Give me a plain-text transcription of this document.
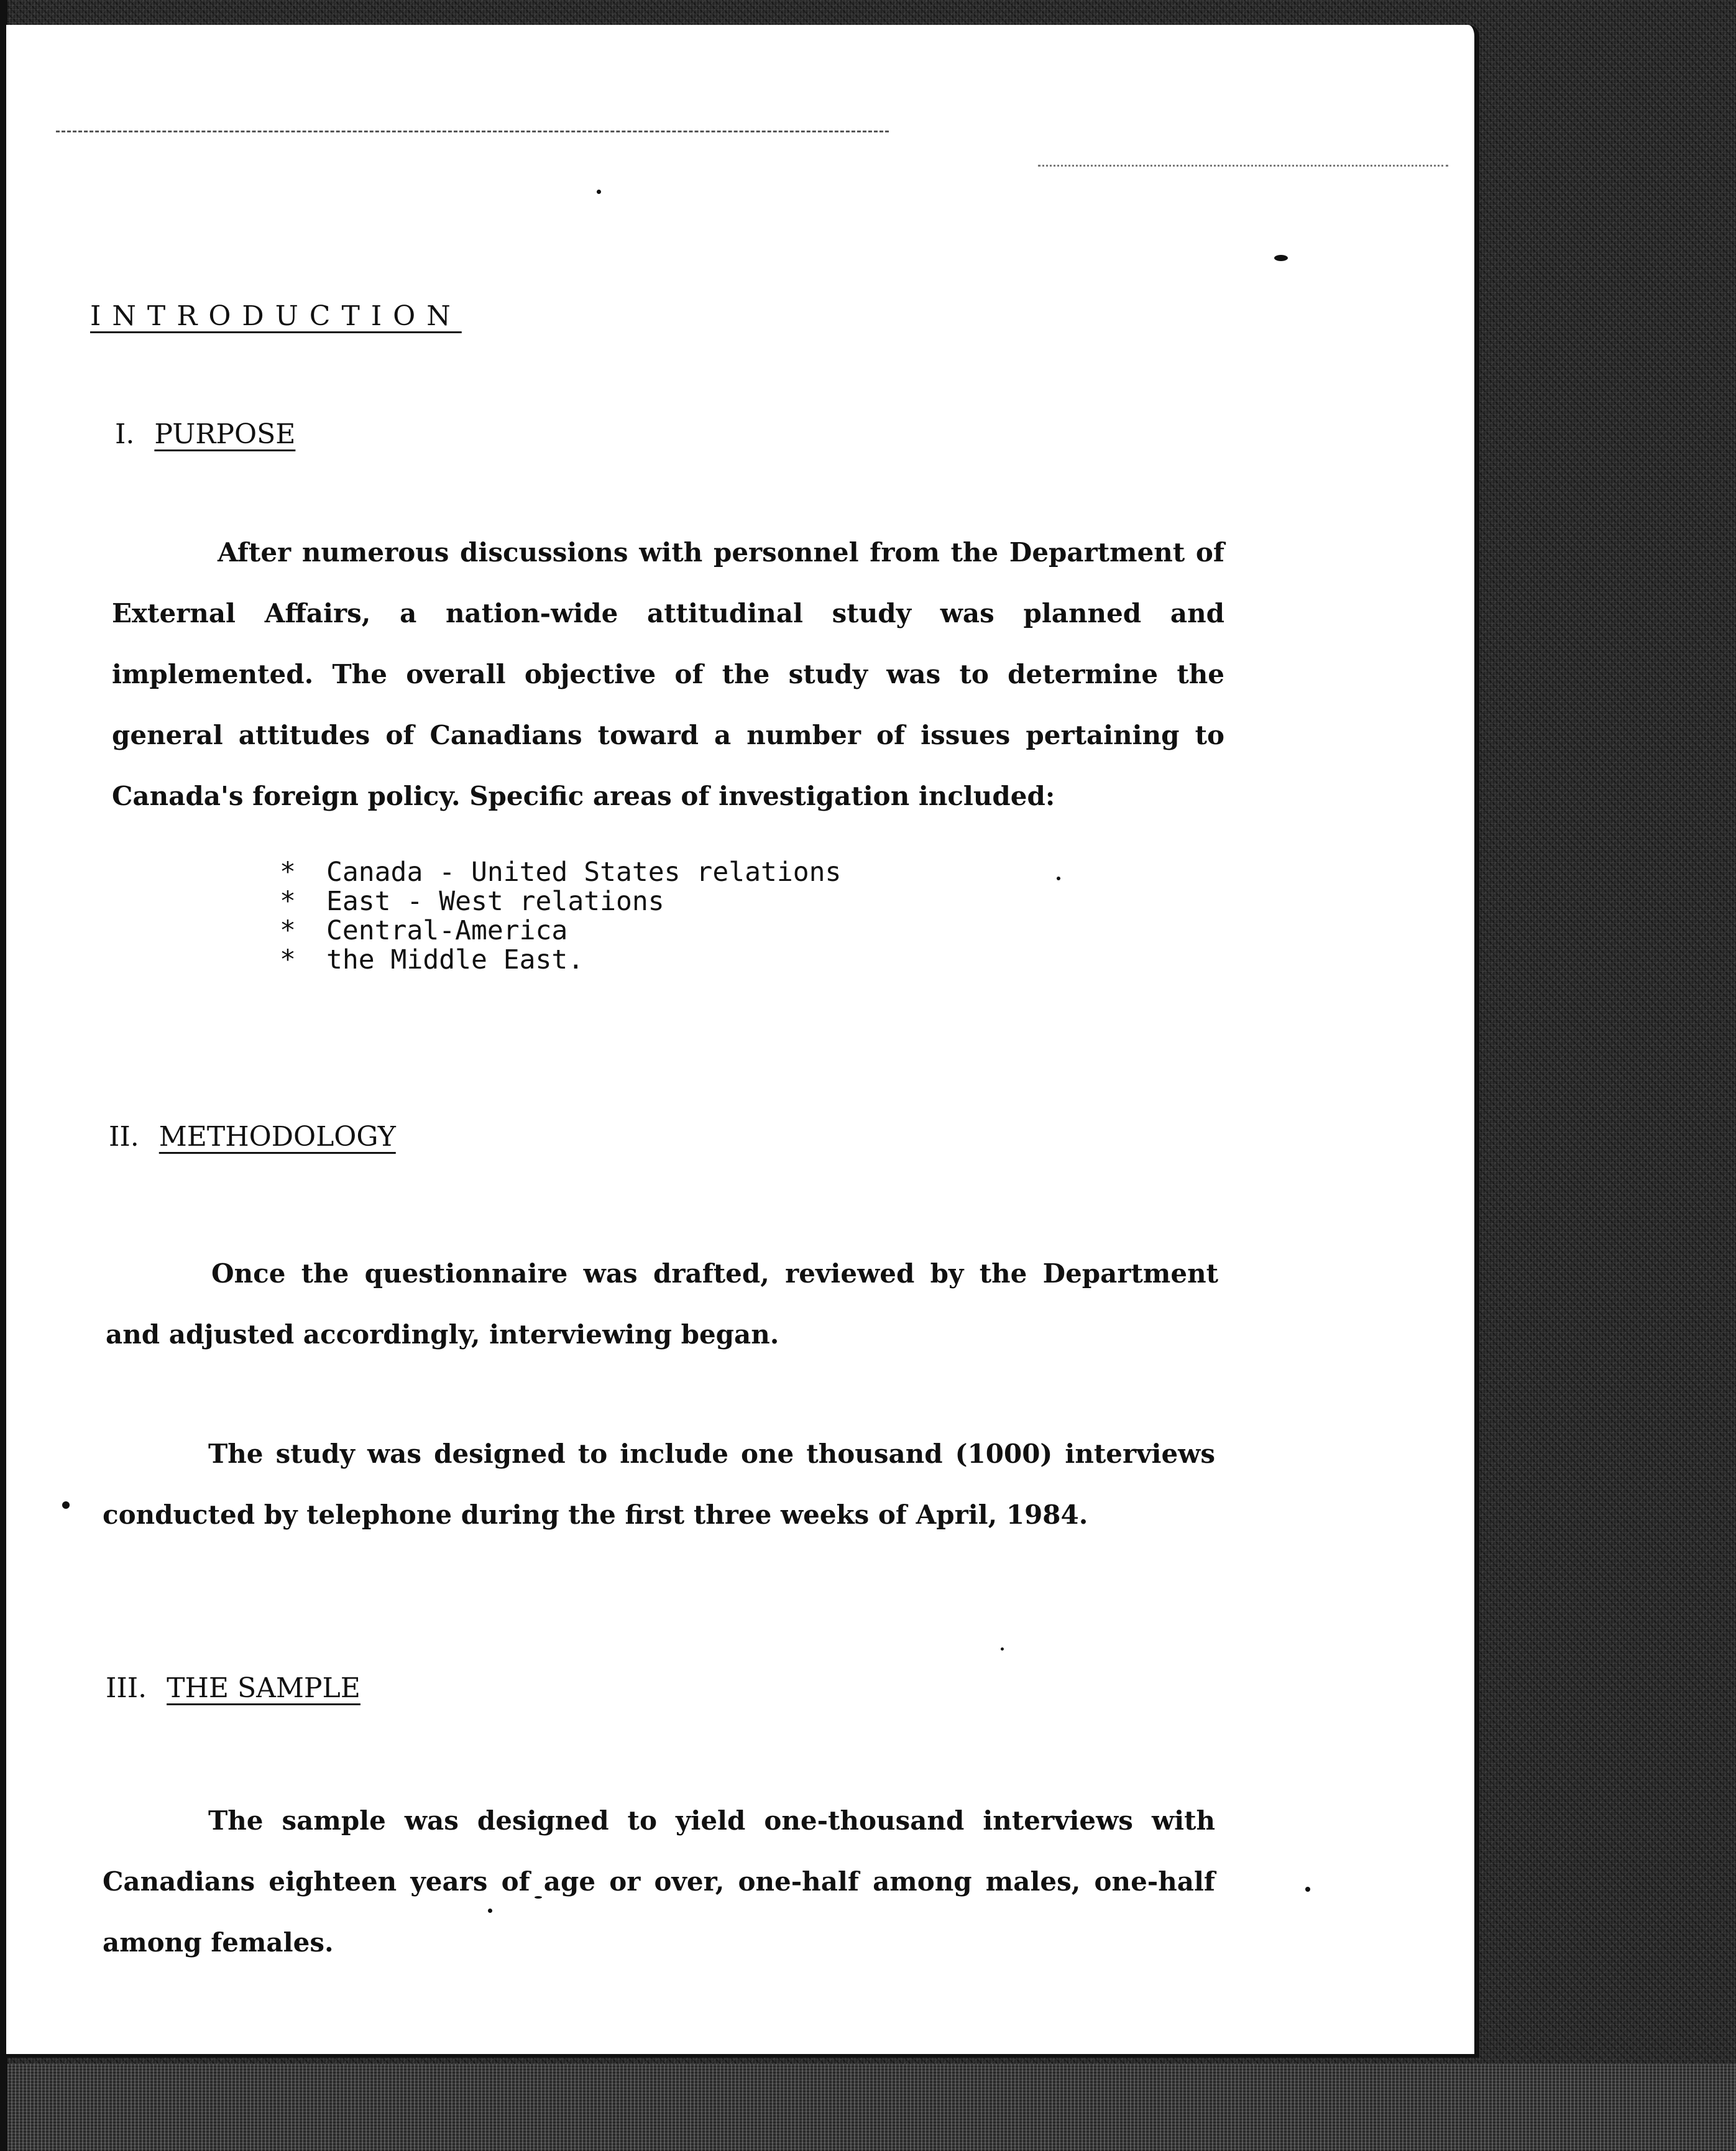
INTRODUCTION
I. PURPOSE

After numerous discussions with personnel from the Department of External Affairs, a nation-wide attitudinal study was planned and implemented. The overall objective of the study was to determine the general attitudes of Canadians toward a number of issues pertaining to Canada's foreign policy. Specific areas of investigation included:

* Canada - United States relations
* East - West relations
* Central-America
* the Middle East.
II. METHODOLOGY

Once the questionnaire was drafted, reviewed by the Department and adjusted accordingly, interviewing began.

The study was designed to include one thousand (1000) interviews conducted by telephone during the first three weeks of April, 1984.

III. THE SAMPLE

The sample was designed to yield one-thousand interviews with Canadians eighteen years of age or over, one-half among males, one-half among females.
